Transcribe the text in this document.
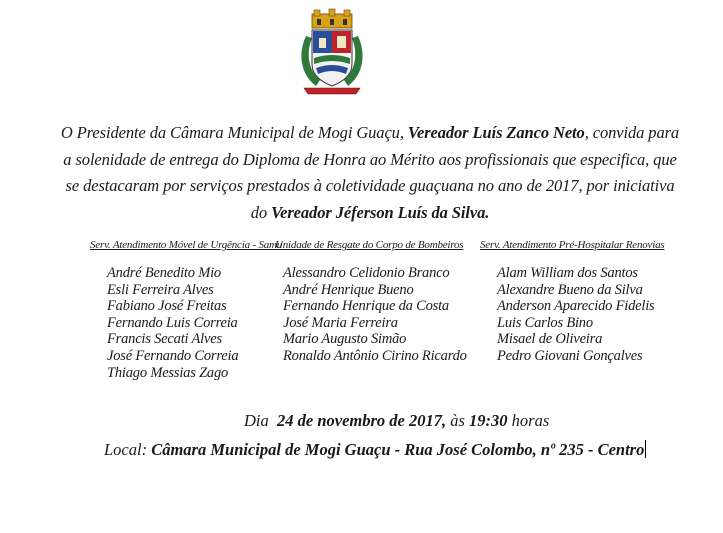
O Presidente da Câmara Municipal de Mogi Guaçu, Vereador Luís Zanco Neto, convida para a solenidade de entrega do Diploma de Honra ao Mérito aos profissionais que especifica, que se destacaram por serviços prestados à coletividade guaçuana no ano de 2017, por iniciativa do Vereador Jéferson Luís da Silva.
Serv. Atendimento Móvel de Urgência - Samu
André Benedito Mio
Esli Ferreira Alves
Fabiano José Freitas
Fernando Luis Correia
Francis Secati Alves
José Fernando Correia
Thiago Messias Zago
Unidade de Resgate do Corpo de Bombeiros
Alessandro Celidonio Branco
André Henrique Bueno
Fernando Henrique da Costa
José Maria Ferreira
Mario Augusto Simão
Ronaldo Antônio Cirino Ricardo
Serv. Atendimento Pré-Hospitalar Renovias
Alam William dos Santos
Alexandre Bueno da Silva
Anderson Aparecido Fidelis
Luis Carlos Bino
Misael de Oliveira
Pedro Giovani Gonçalves
Dia 24 de novembro de 2017, às 19:30 horas
Local: Câmara Municipal de Mogi Guaçu - Rua José Colombo, nº 235 - Centro
